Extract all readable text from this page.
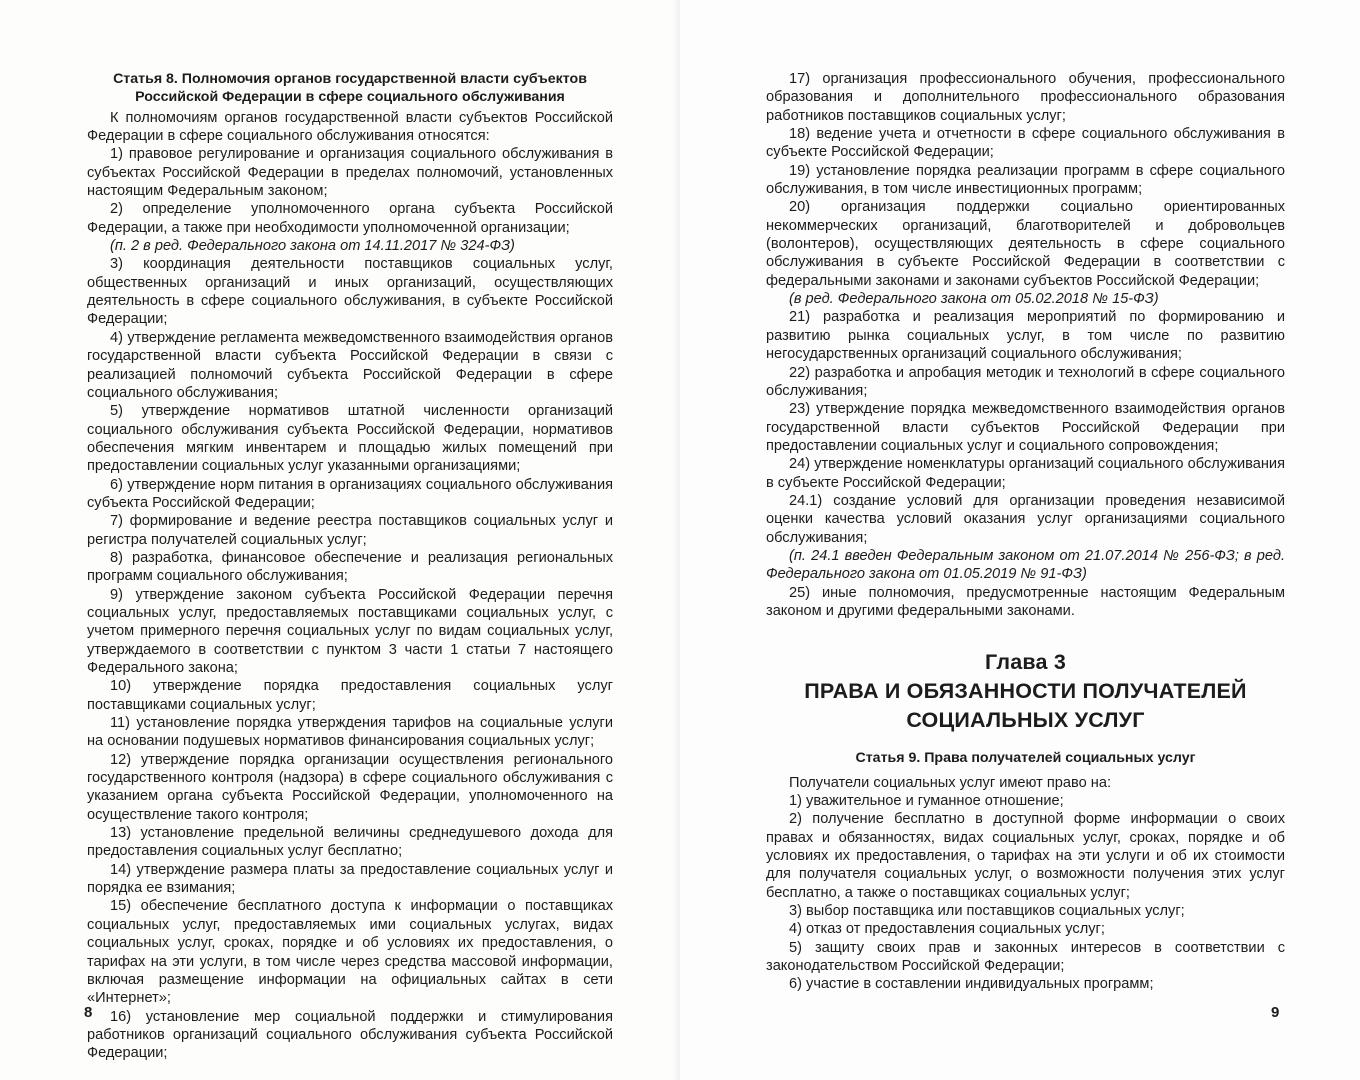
Статья 8. Полномочия органов государственной власти субъектов
Российской Федерации в сфере социального обслуживания

К полномочиям органов государственной власти субъектов Российской Федерации в сфере социального обслуживания относятся:

1) правовое регулирование и организация социального обслуживания в субъектах Российской Федерации в пределах полномочий, установленных настоящим Федеральным законом;

2) определение уполномоченного органа субъекта Российской Федерации, а также при необходимости уполномоченной организации;

(п. 2 в ред. Федерального закона от 14.11.2017 № 324-ФЗ)

3) координация деятельности поставщиков социальных услуг, общественных организаций и иных организаций, осуществляющих деятельность в сфере социального обслуживания, в субъекте Российской Федерации;

4) утверждение регламента межведомственного взаимодействия органов государственной власти субъекта Российской Федерации в связи с реализацией полномочий субъекта Российской Федерации в сфере социального обслуживания;

5) утверждение нормативов штатной численности организаций социального обслуживания субъекта Российской Федерации, нормативов обеспечения мягким инвентарем и площадью жилых помещений при предоставлении социальных услуг указанными организациями;

6) утверждение норм питания в организациях социального обслуживания субъекта Российской Федерации;

7) формирование и ведение реестра поставщиков социальных услуг и регистра получателей социальных услуг;

8) разработка, финансовое обеспечение и реализация региональных программ социального обслуживания;

9) утверждение законом субъекта Российской Федерации перечня социальных услуг, предоставляемых поставщиками социальных услуг, с учетом примерного перечня социальных услуг по видам социальных услуг, утверждаемого в соответствии с пунктом 3 части 1 статьи 7 настоящего Федерального закона;

10) утверждение порядка предоставления социальных услуг поставщиками социальных услуг;

11) установление порядка утверждения тарифов на социальные услуги на основании подушевых нормативов финансирования социальных услуг;

12) утверждение порядка организации осуществления регионального государственного контроля (надзора) в сфере социального обслуживания с указанием органа субъекта Российской Федерации, уполномоченного на осуществление такого контроля;

13) установление предельной величины среднедушевого дохода для предоставления социальных услуг бесплатно;

14) утверждение размера платы за предоставление социальных услуг и порядка ее взимания;

15) обеспечение бесплатного доступа к информации о поставщиках социальных услуг, предоставляемых ими социальных услугах, видах социальных услуг, сроках, порядке и об условиях их предоставления, о тарифах на эти услуги, в том числе через средства массовой информации, включая размещение информации на официальных сайтах в сети «Интернет»;

16) установление мер социальной поддержки и стимулирования работников организаций социального обслуживания субъекта Российской Федерации;

8

17) организация профессионального обучения, профессионального образования и дополнительного профессионального образования работников поставщиков социальных услуг;

18) ведение учета и отчетности в сфере социального обслуживания в субъекте Российской Федерации;

19) установление порядка реализации программ в сфере социального обслуживания, в том числе инвестиционных программ;

20) организация поддержки социально ориентированных некоммерческих организаций, благотворителей и добровольцев (волонтеров), осуществляющих деятельность в сфере социального обслуживания в субъекте Российской Федерации в соответствии с федеральными законами и законами субъектов Российской Федерации;

(в ред. Федерального закона от 05.02.2018 № 15-ФЗ)

21) разработка и реализация мероприятий по формированию и развитию рынка социальных услуг, в том числе по развитию негосударственных организаций социального обслуживания;

22) разработка и апробация методик и технологий в сфере социального обслуживания;

23) утверждение порядка межведомственного взаимодействия органов государственной власти субъектов Российской Федерации при предоставлении социальных услуг и социального сопровождения;

24) утверждение номенклатуры организаций социального обслуживания в субъекте Российской Федерации;

24.1) создание условий для организации проведения независимой оценки качества условий оказания услуг организациями социального обслуживания;

(п. 24.1 введен Федеральным законом от 21.07.2014 № 256-ФЗ; в ред. Федерального закона от 01.05.2019 № 91-ФЗ)

25) иные полномочия, предусмотренные настоящим Федеральным законом и другими федеральными законами.

Глава 3
ПРАВА И ОБЯЗАННОСТИ ПОЛУЧАТЕЛЕЙ
СОЦИАЛЬНЫХ УСЛУГ
Статья 9. Права получателей социальных услуг

Получатели социальных услуг имеют право на:

1) уважительное и гуманное отношение;

2) получение бесплатно в доступной форме информации о своих правах и обязанностях, видах социальных услуг, сроках, порядке и об условиях их предоставления, о тарифах на эти услуги и об их стоимости для получателя социальных услуг, о возможности получения этих услуг бесплатно, а также о поставщиках социальных услуг;

3) выбор поставщика или поставщиков социальных услуг;

4) отказ от предоставления социальных услуг;

5) защиту своих прав и законных интересов в соответствии с законодательством Российской Федерации;

6) участие в составлении индивидуальных программ;

9
